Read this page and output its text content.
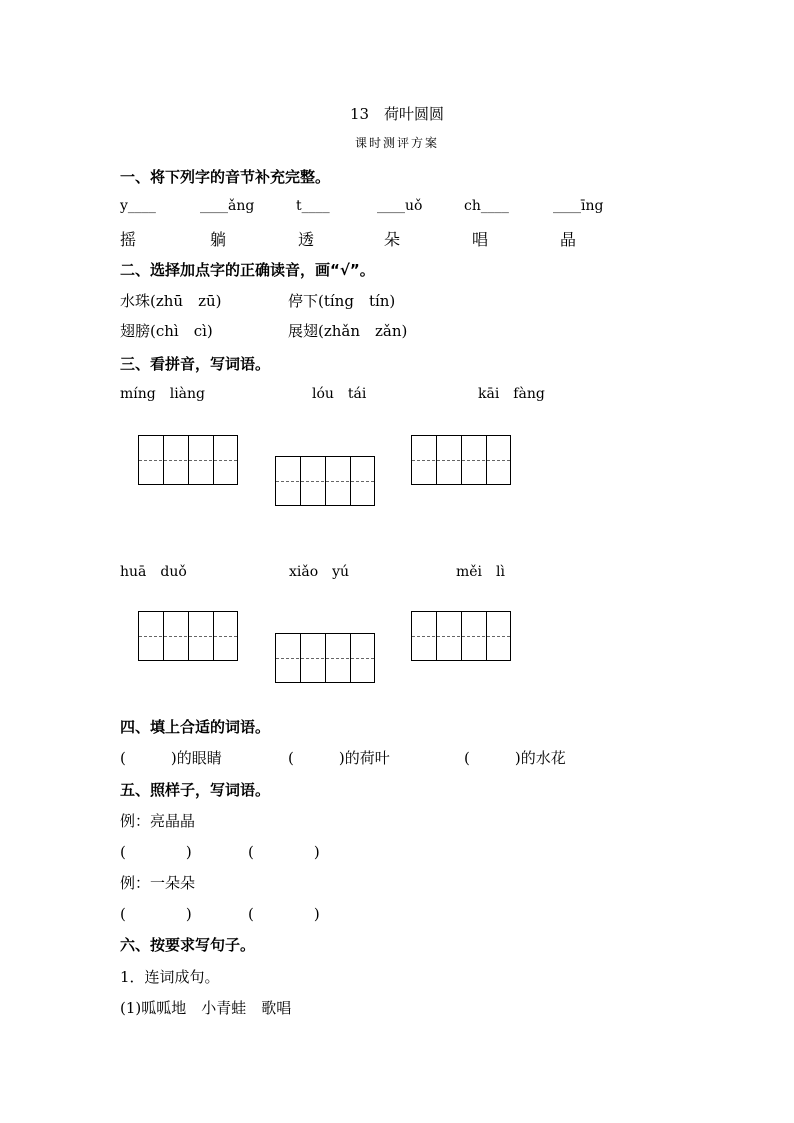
13　荷叶圆圆
课时测评方案
一、将下列字的音节补充完整。
y____	____ǎng	t____	____uǒ	ch____	____īng
摇	躺	透	朵	唱	晶
二、选择加点字的正确读音，画“√”。
水珠(zhū　zū)	停下(tíng　tín)
翅膀(chì　cì)	展翅(zhǎn　zǎn)
三、看拼音，写词语。
míng　liàng	lóu　tái	kāi　fàng
huā　duǒ	xiǎo　yú	měi　lì
四、填上合适的词语。
(　　　)的眼睛	(　　　)的荷叶	(　　　)的水花
五、照样子，写词语。
例：亮晶晶
(　　　　)	(　　　　)
例：一朵朵
(　　　　)	(　　　　)
六、按要求写句子。
1．连词成句。
(1)呱呱地　小青蛙　歌唱
